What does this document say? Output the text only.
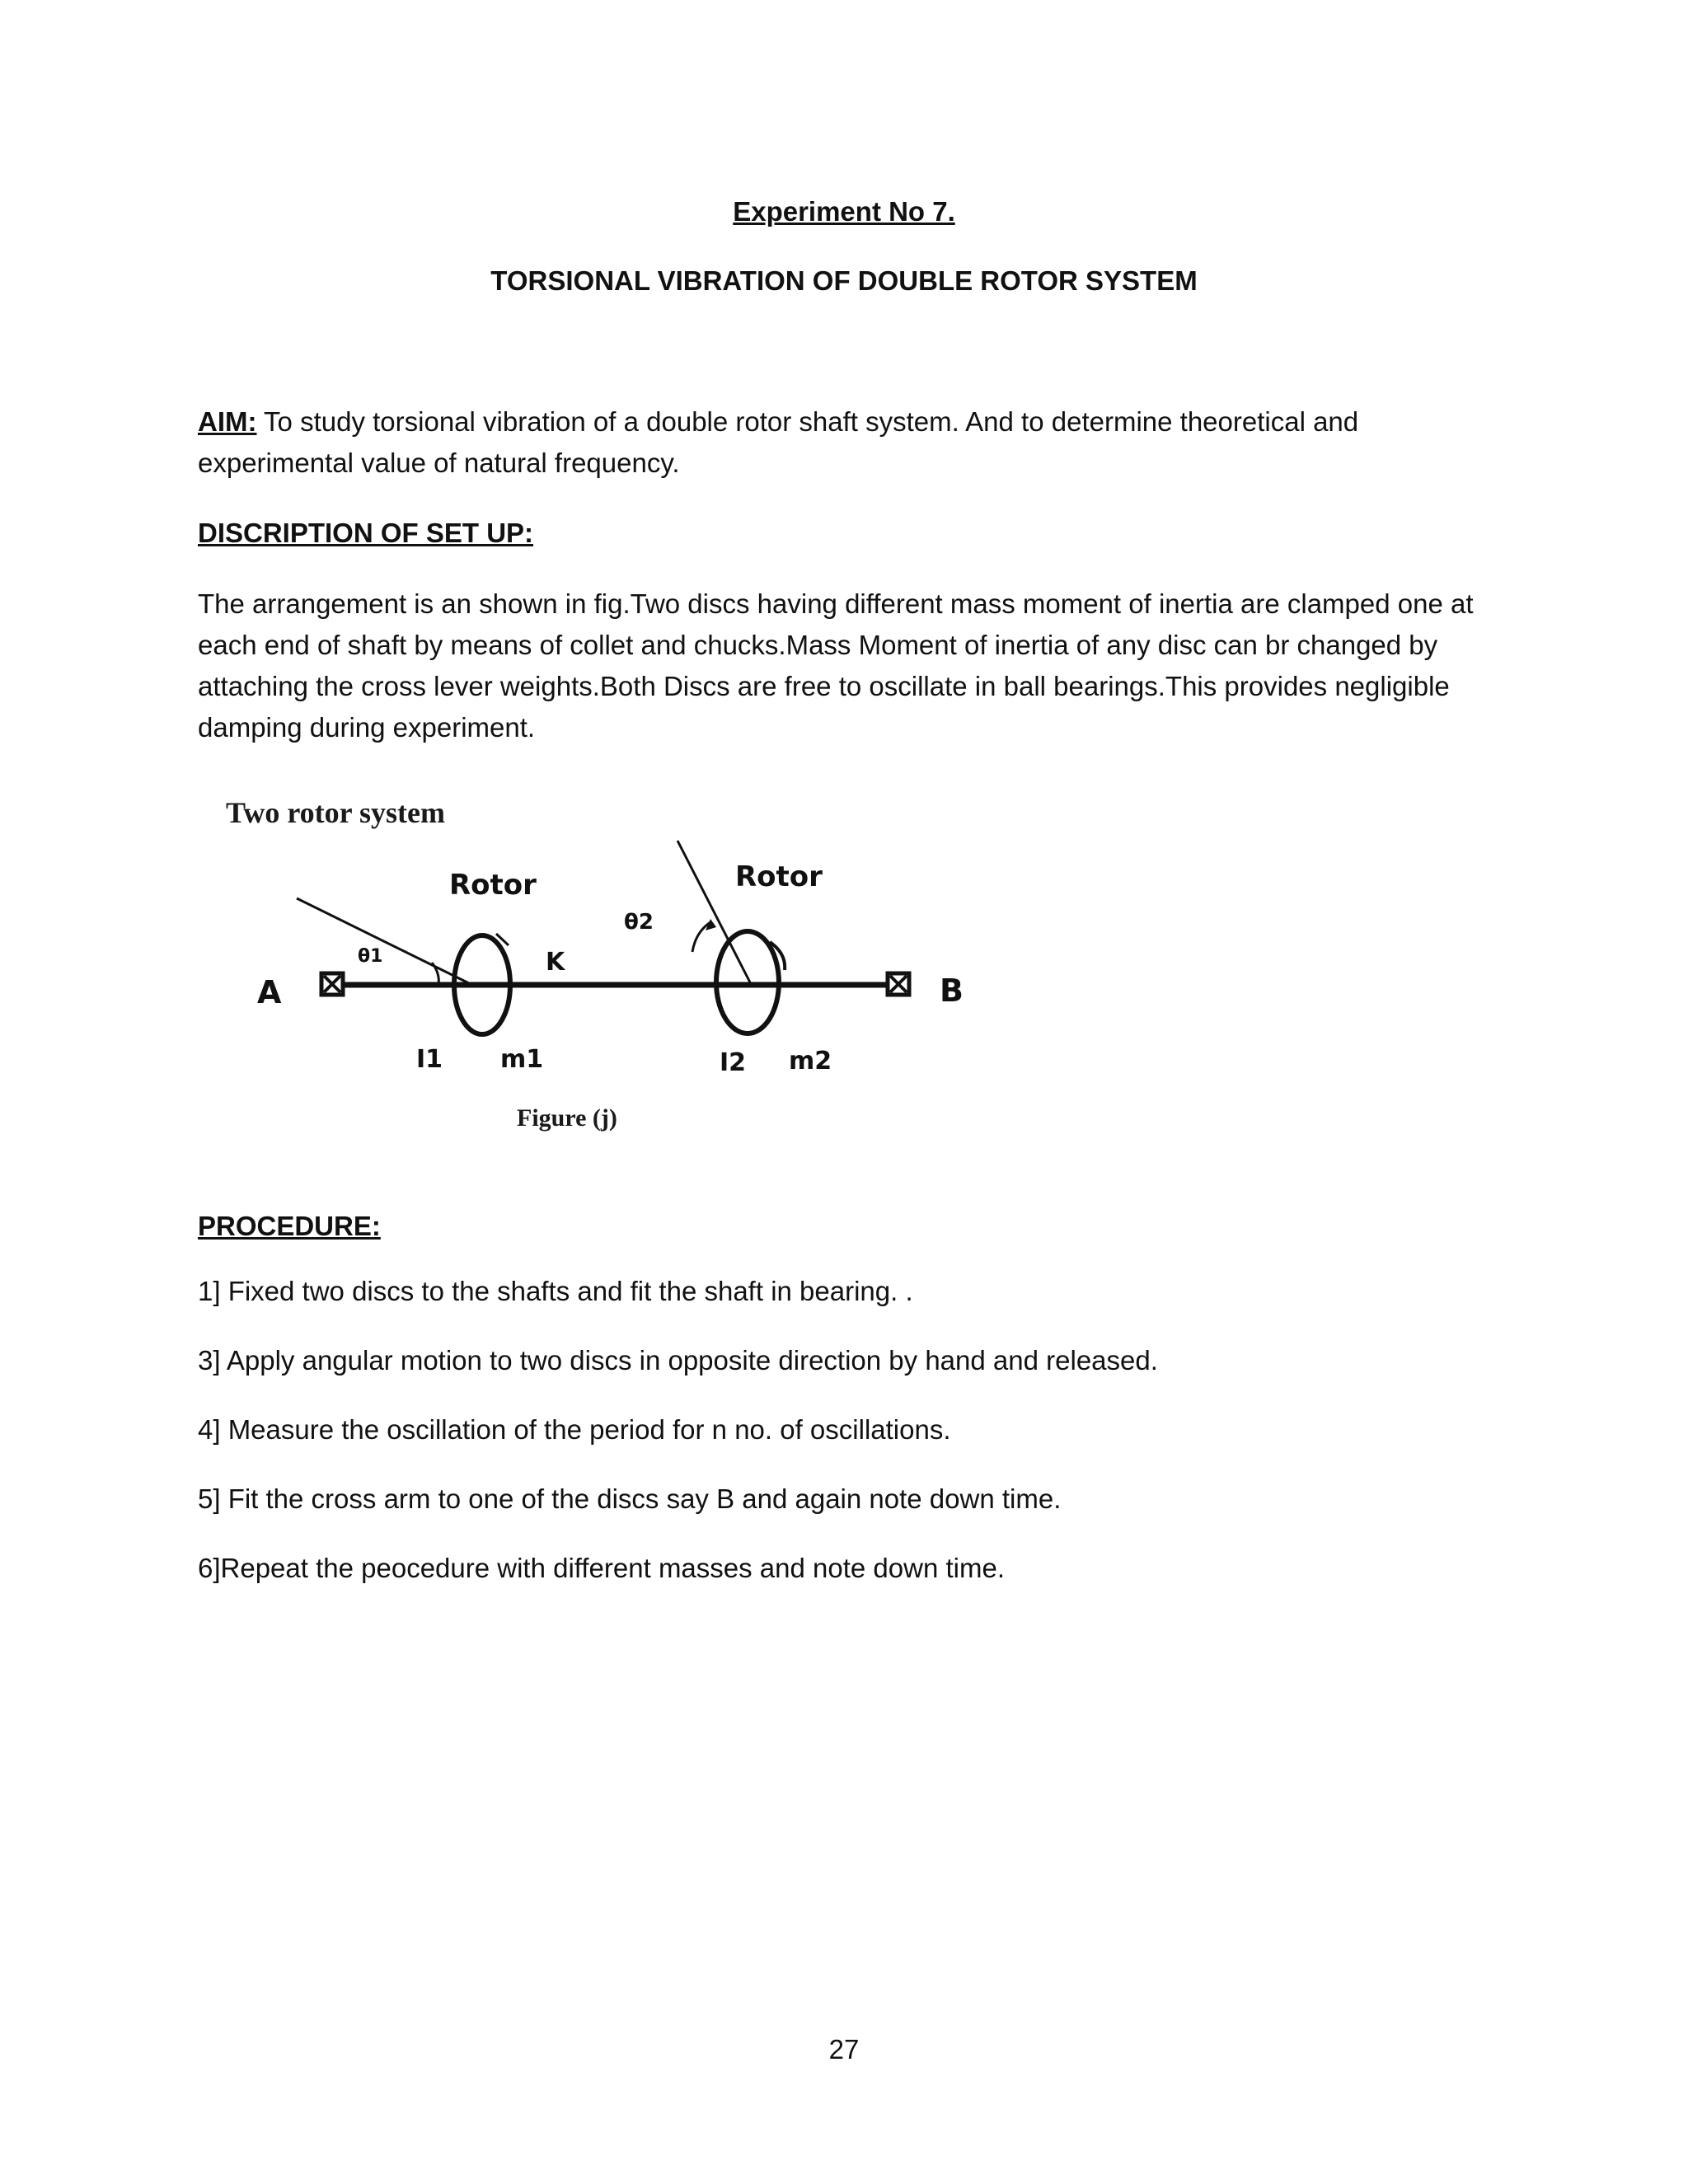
Experiment No 7.
TORSIONAL VIBRATION OF DOUBLE ROTOR SYSTEM
AIM: To study torsional vibration of a double rotor shaft system. And to determine theoretical and experimental value of natural frequency.
DISCRIPTION OF SET UP:
The arrangement is an shown in fig.Two discs having different mass moment of inertia are clamped one at each end of shaft by means of collet and chucks.Mass Moment of inertia of any disc can br changed by attaching the cross lever weights.Both Discs are free to oscillate in ball bearings.This provides negligible damping during experiment.
Two rotor system
A	B
Rotor	Rotor
θ1
θ2
K
I1 m1	I2 m2
Figure (j)
PROCEDURE:
1] Fixed two discs to the shafts and fit the shaft in bearing. .
3] Apply angular motion to two discs in opposite direction by hand and released.
4] Measure the oscillation of the period for n no. of oscillations.
5] Fit the cross arm to one of the discs say B and again note down time.
6]Repeat the peocedure with different masses and note down time.
27
